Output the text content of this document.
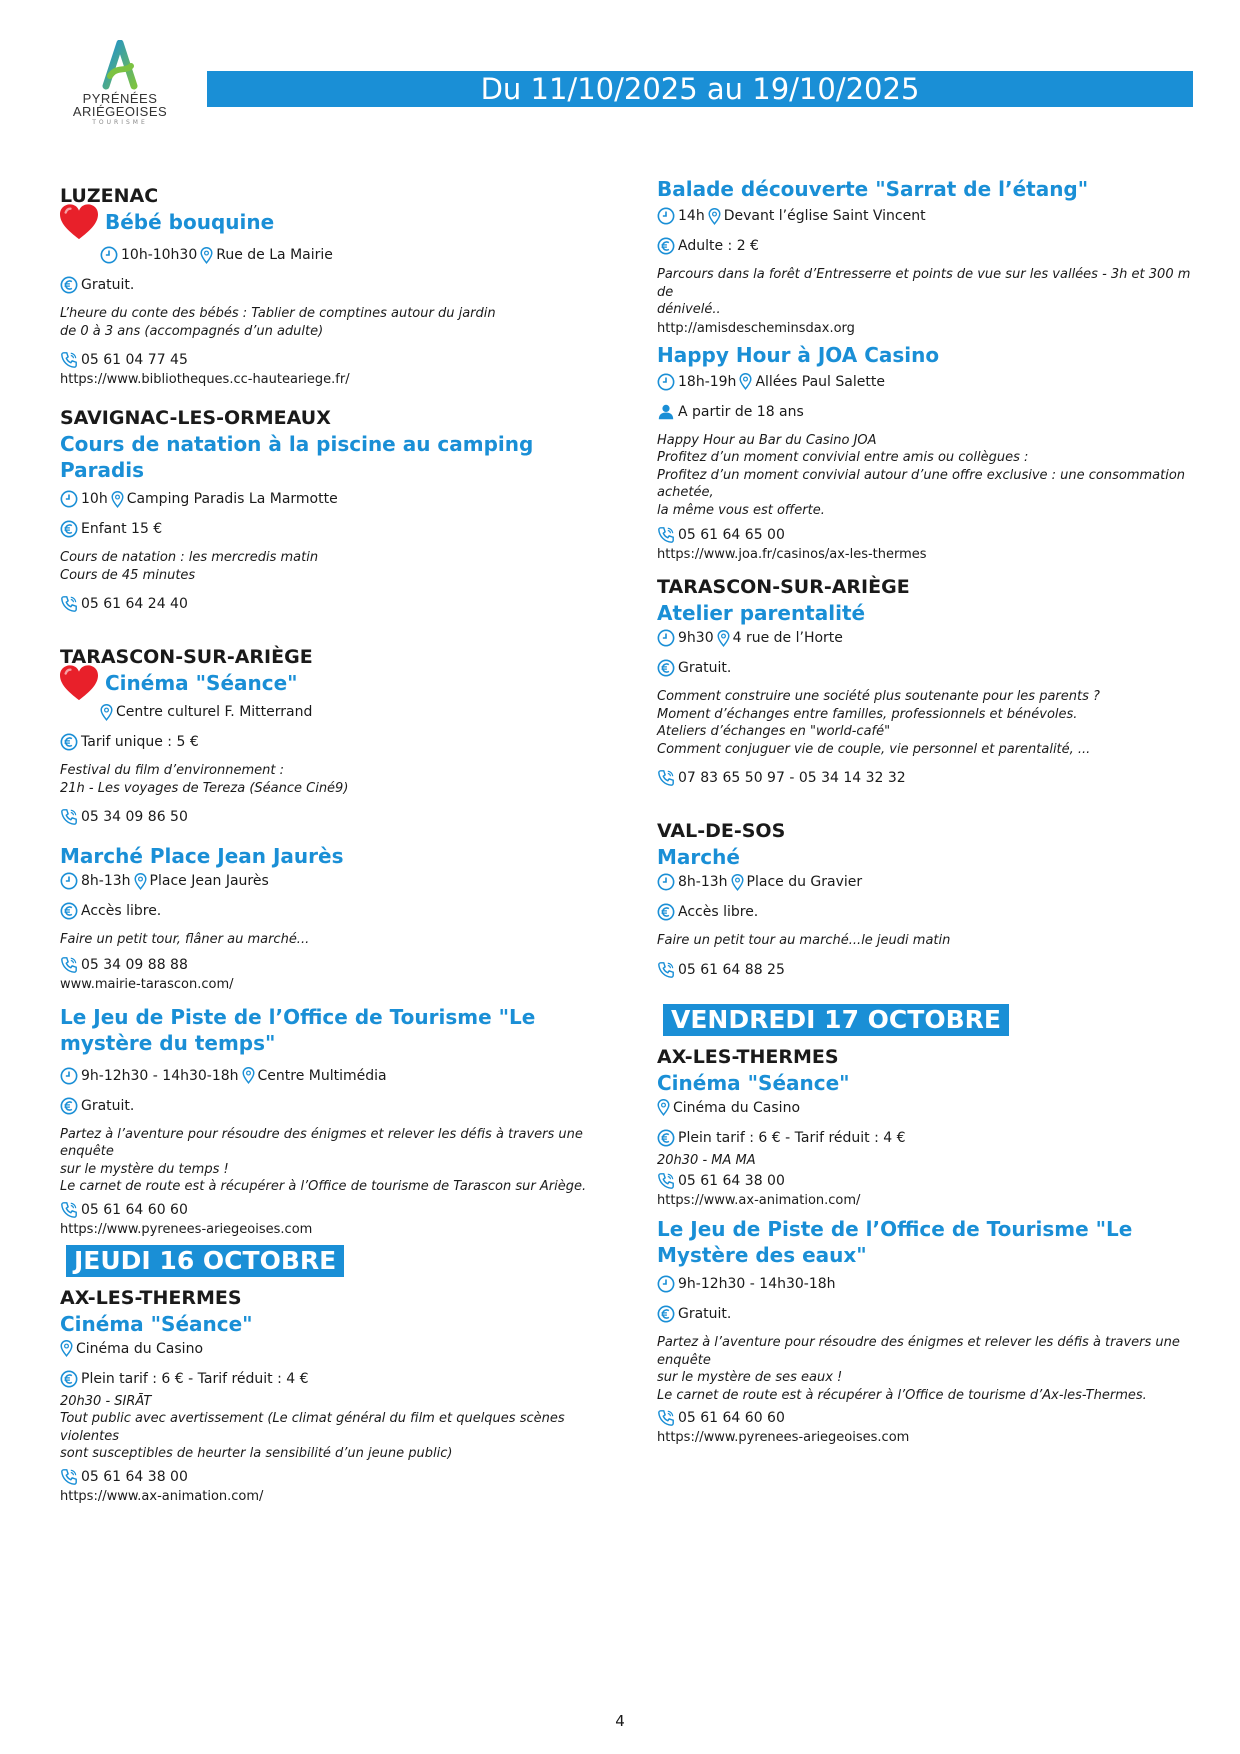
PYRÉNÉES
ARIÉGEOISES
TOURISME
Du 11/10/2025 au 19/10/2025

LUZENAC

Bébé bouquine

10h-10h30 Rue de La Mairie

Gratuit.

L’heure du conte des bébés : Tablier de comptines autour du jardin

de 0 à 3 ans (accompagnés d’un adulte)

05 61 04 77 45

https://www.bibliotheques.cc-hauteariege.fr/

SAVIGNAC-LES-ORMEAUX

Cours de natation à la piscine au camping Paradis

10h Camping Paradis La Marmotte

Enfant 15 €

Cours de natation : les mercredis matin

Cours de 45 minutes

05 61 64 24 40

TARASCON-SUR-ARIÈGE

Cinéma "Séance"

Centre culturel F. Mitterrand

Tarif unique : 5 €

Festival du film d’environnement :

21h - Les voyages de Tereza (Séance Ciné9)

05 34 09 86 50

Marché Place Jean Jaurès

8h-13h Place Jean Jaurès

Accès libre.

Faire un petit tour, flâner au marché...

05 34 09 88 88

www.mairie-tarascon.com/

Le Jeu de Piste de l’Office de Tourisme "Le mystère du temps"

9h-12h30 - 14h30-18h Centre Multimédia

Gratuit.

Partez à l’aventure pour résoudre des énigmes et relever les défis à travers une enquête

sur le mystère du temps !

Le carnet de route est à récupérer à l’Office de tourisme de Tarascon sur Ariège.

05 61 64 60 60

https://www.pyrenees-ariegeoises.com

JEUDI 16 OCTOBRE

AX-LES-THERMES

Cinéma "Séance"

Cinéma du Casino

Plein tarif : 6 € - Tarif réduit : 4 €

20h30 - SIRĀT

Tout public avec avertissement (Le climat général du film et quelques scènes violentes

sont susceptibles de heurter la sensibilité d’un jeune public)

05 61 64 38 00

https://www.ax-animation.com/

Balade découverte "Sarrat de l’étang"

14h Devant l’église Saint Vincent

Adulte : 2 €

Parcours dans la forêt d’Entresserre et points de vue sur les vallées - 3h et 300 m de

dénivelé..

http://amisdescheminsdax.org

Happy Hour à JOA Casino

18h-19h Allées Paul Salette

A partir de 18 ans

Happy Hour au Bar du Casino JOA

Profitez d’un moment convivial entre amis ou collègues :

Profitez d’un moment convivial autour d’une offre exclusive : une consommation achetée,

la même vous est offerte.

05 61 64 65 00

https://www.joa.fr/casinos/ax-les-thermes

TARASCON-SUR-ARIÈGE

Atelier parentalité

9h30 4 rue de l’Horte

Gratuit.

Comment construire une société plus soutenante pour les parents ?

Moment d’échanges entre familles, professionnels et bénévoles.

Ateliers d’échanges en "world-café"

Comment conjuguer vie de couple, vie personnel et parentalité, ...

07 83 65 50 97 - 05 34 14 32 32

VAL-DE-SOS

Marché

8h-13h Place du Gravier

Accès libre.

Faire un petit tour au marché...le jeudi matin

05 61 64 88 25

VENDREDI 17 OCTOBRE

AX-LES-THERMES

Cinéma "Séance"

Cinéma du Casino

Plein tarif : 6 € - Tarif réduit : 4 €

20h30 - MA MA

05 61 64 38 00

https://www.ax-animation.com/

Le Jeu de Piste de l’Office de Tourisme "Le Mystère des eaux"

9h-12h30 - 14h30-18h

Gratuit.

Partez à l’aventure pour résoudre des énigmes et relever les défis à travers une enquête

sur le mystère de ses eaux !

Le carnet de route est à récupérer à l’Office de tourisme d’Ax-les-Thermes.

05 61 64 60 60

https://www.pyrenees-ariegeoises.com

4
